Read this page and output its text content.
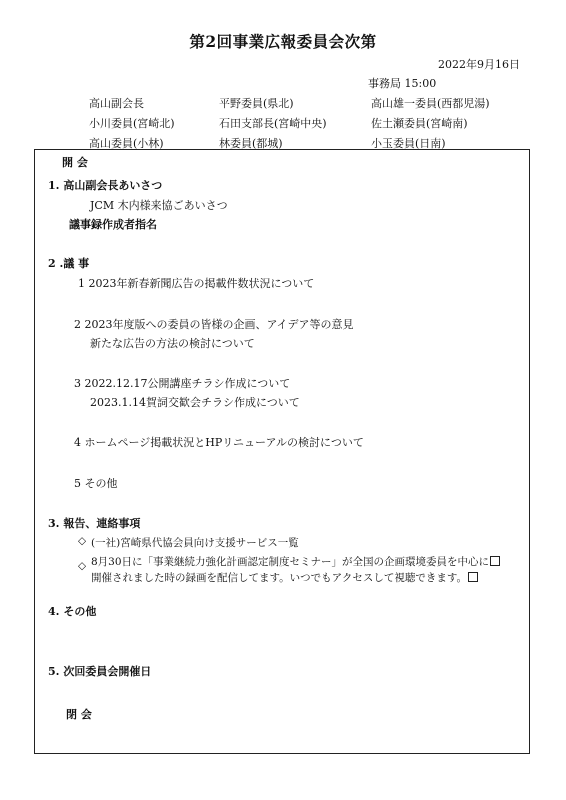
第2回事業広報委員会次第
2022年9月16日
事務局 15:00
高山副会長
小川委員(宮崎北)
高山委員(小林)
平野委員(県北)
石田支部長(宮崎中央)
林委員(都城)
高山雄一委員(西都児湯)
佐土瀬委員(宮崎南)
小玉委員(日南)
開 会
1. 高山副会長あいさつ
JCM 木内様来協ごあいさつ
議事録作成者指名
2 .議 事
1 2023年新春新聞広告の掲載件数状況について
2 2023年度版への委員の皆様の企画、アイデア等の意見
新たな広告の方法の検討について
3 2022.12.17公開講座チラシ作成について
2023.1.14賀詞交歓会チラシ作成について
4 ホームページ掲載状況とHPリニューアルの検討について
5 その他
3. 報告、連絡事項
◇ (一社)宮崎県代協会員向け支援サービス一覧
◇ 8月30日に「事業継続力強化計画認定制度セミナー」が全国の企画環境委員を中心に
開催されました時の録画を配信してます。いつでもアクセスして視聴できます。
4. その他
5. 次回委員会開催日
閉 会
